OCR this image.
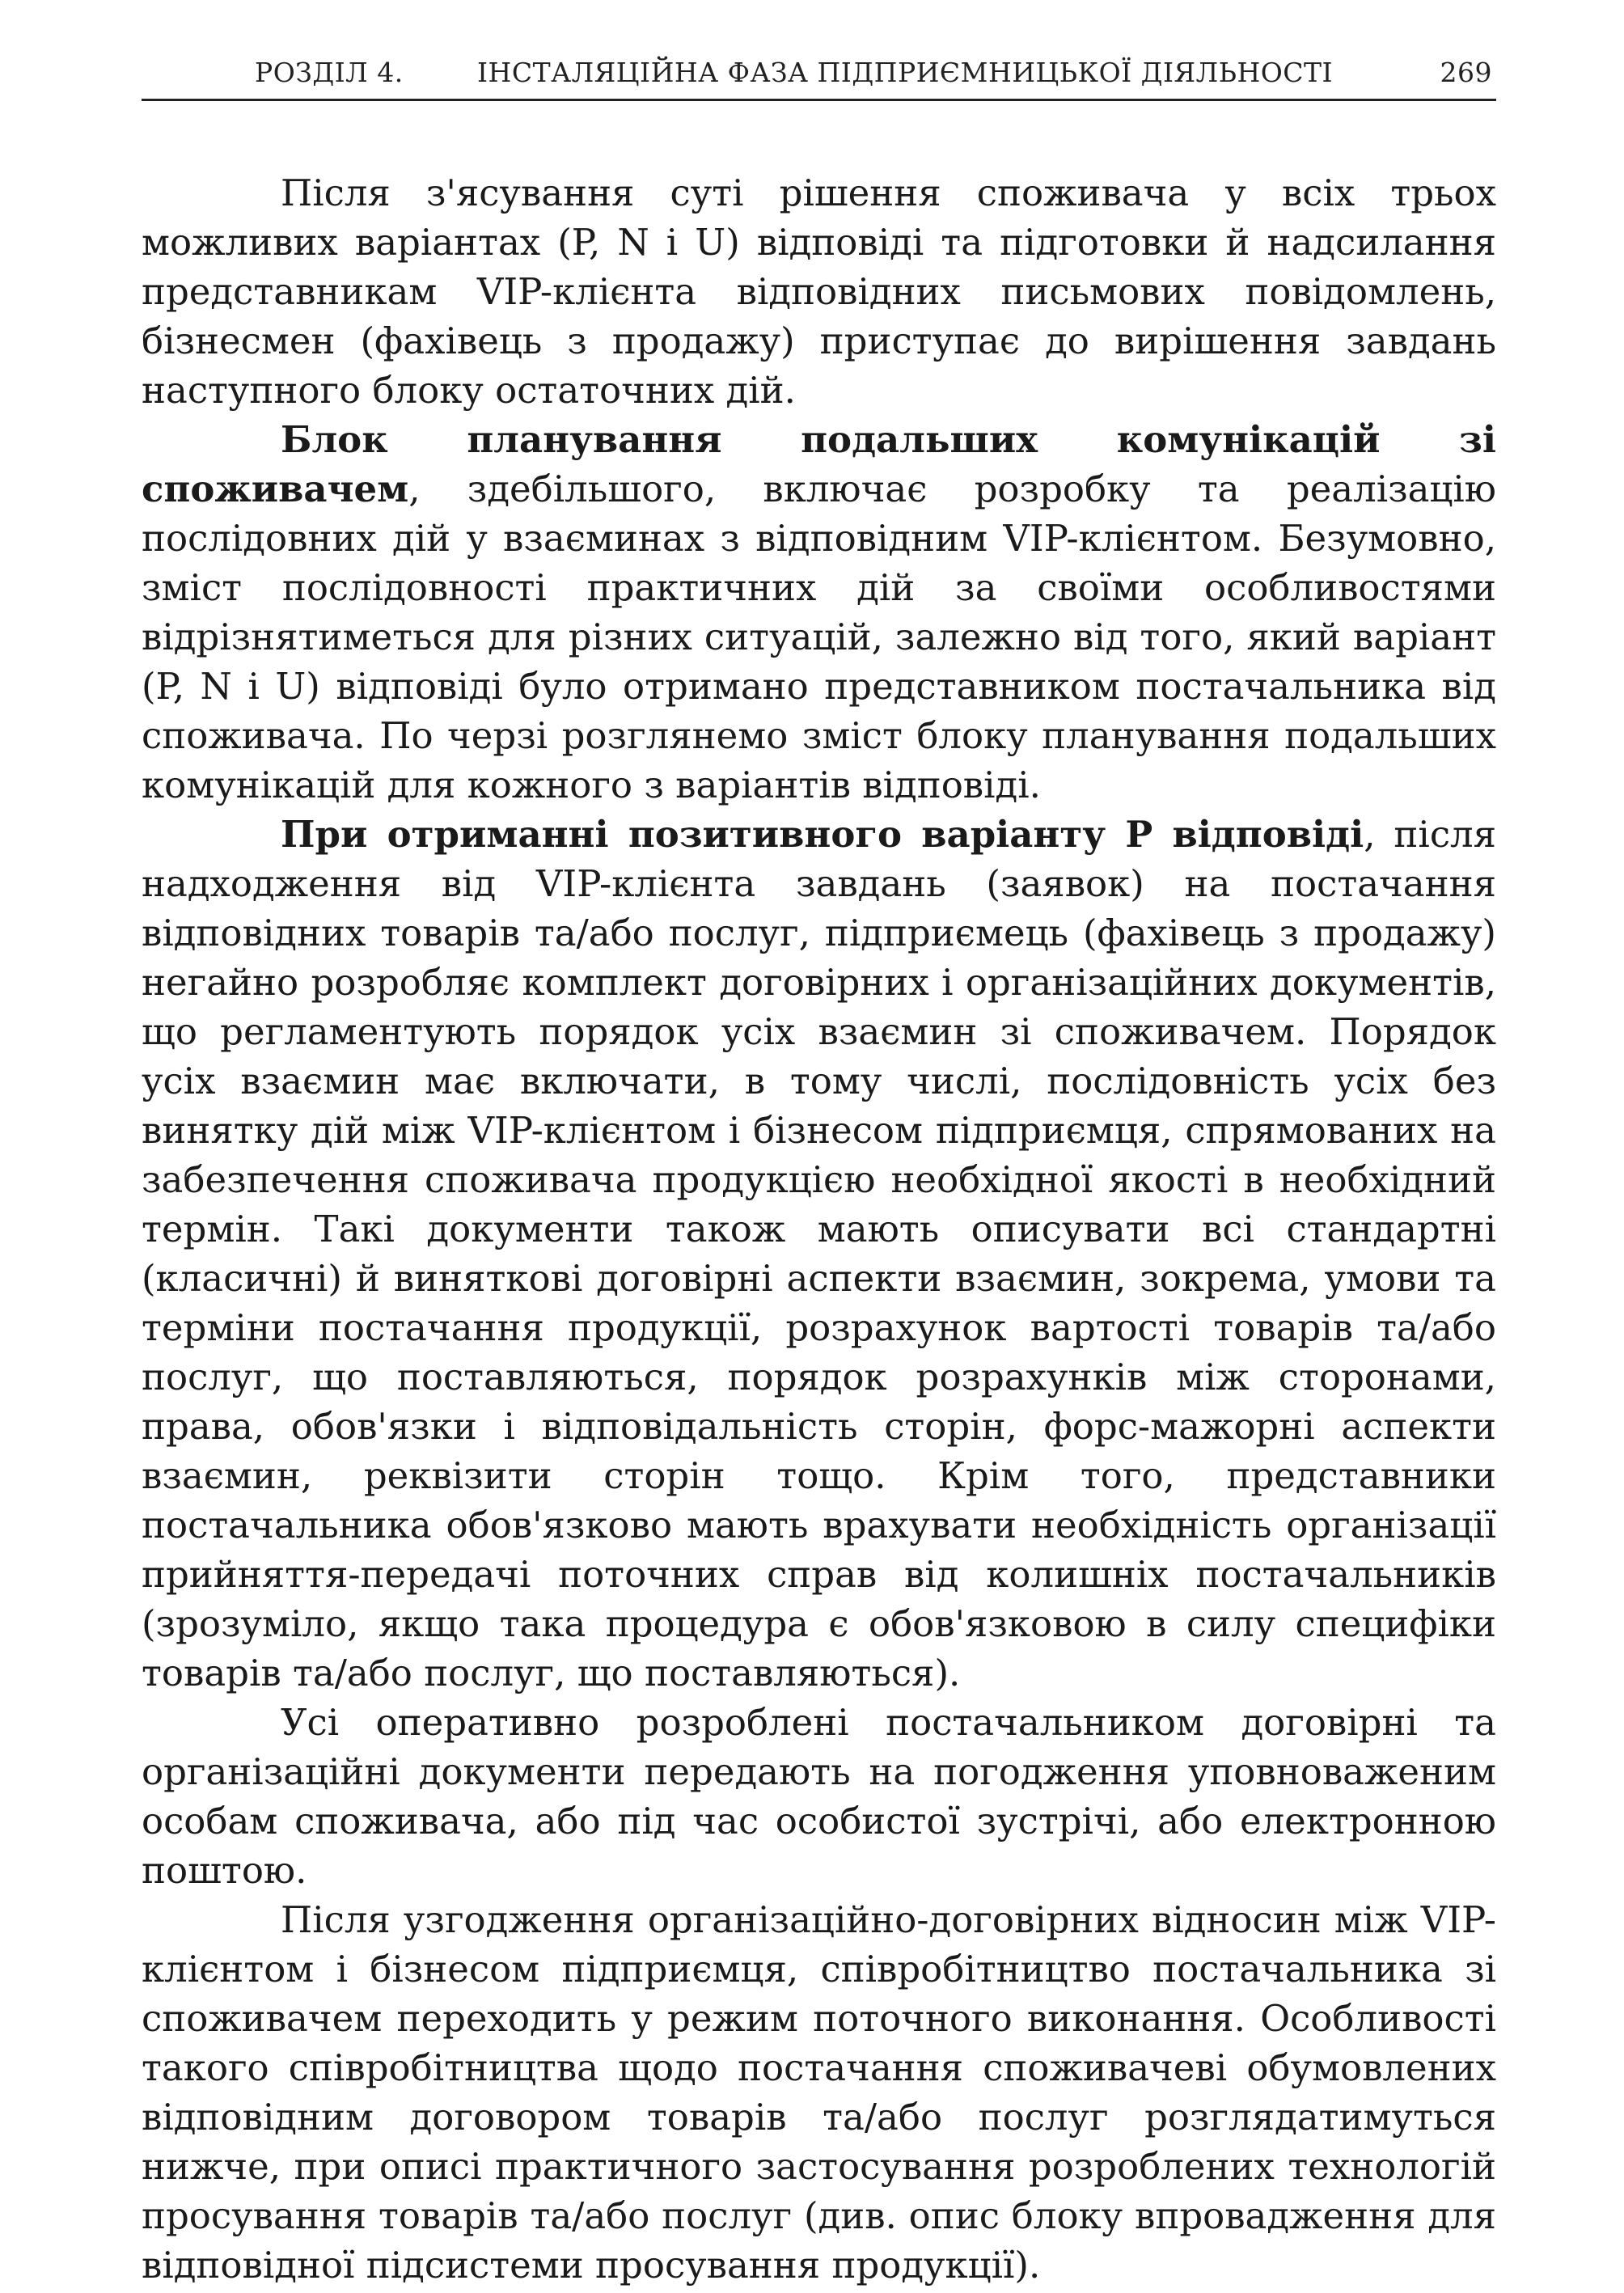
РОЗДІЛ 4.	ІНСТАЛЯЦІЙНА ФАЗА ПІДПРИЄМНИЦЬКОЇ ДІЯЛЬНОСТІ	269

Після з'ясування суті рішення споживача у всіх трьох можливих варіантах (P, N і U) відповіді та підготовки й надсилання представникам VIP-клієнта відповідних письмових повідомлень, бізнесмен (фахівець з продажу) приступає до вирішення завдань наступного блоку остаточних дій.

Блок планування подальших комунікацій зі споживачем, здебільшого, включає розробку та реалізацію послідовних дій у взаєминах з відповідним VIP-клієнтом. Безумовно, зміст послідовності практичних дій за своїми особливостями відрізнятиметься для різних ситуацій, залежно від того, який варіант (P, N і U) відповіді було отримано представником постачальника від споживача. По черзі розглянемо зміст блоку планування подальших комунікацій для кожного з варіантів відповіді.

При отриманні позитивного варіанту Р відповіді, після надходження від VIP-клієнта завдань (заявок) на постачання відповідних товарів та/або послуг, підприємець (фахівець з продажу) негайно розробляє комплект договірних і організаційних документів, що регламентують порядок усіх взаємин зі споживачем. Порядок усіх взаємин має включати, в тому числі, послідовність усіх без винятку дій між VIP-клієнтом і бізнесом підприємця, спрямованих на забезпечення споживача продукцією необхідної якості в необхідний термін. Такі документи також мають описувати всі стандартні (класичні) й виняткові договірні аспекти взаємин, зокрема, умови та терміни постачання продукції, розрахунок вартості товарів та/або послуг, що поставляються, порядок розрахунків між сторонами, права, обов'язки і відповідальність сторін, форс-мажорні аспекти взаємин, реквізити сторін тощо. Крім того, представники постачальника обов'язково мають врахувати необхідність організації прийняття-передачі поточних справ від колишніх постачальників (зрозуміло, якщо така процедура є обов'язковою в силу специфіки товарів та/або послуг, що поставляються).

Усі оперативно розроблені постачальником договірні та організаційні документи передають на погодження уповноваженим особам споживача, або під час особистої зустрічі, або електронною поштою.

Після узгодження організаційно-договірних відносин між VIP-клієнтом і бізнесом підприємця, співробітництво постачальника зі споживачем переходить у режим поточного виконання. Особливості такого співробітництва щодо постачання споживачеві обумовлених відповідним договором товарів та/або послуг розглядатимуться нижче, при описі практичного застосування розроблених технологій просування товарів та/або послуг (див. опис блоку впровадження для відповідної підсистеми просування продукції).
